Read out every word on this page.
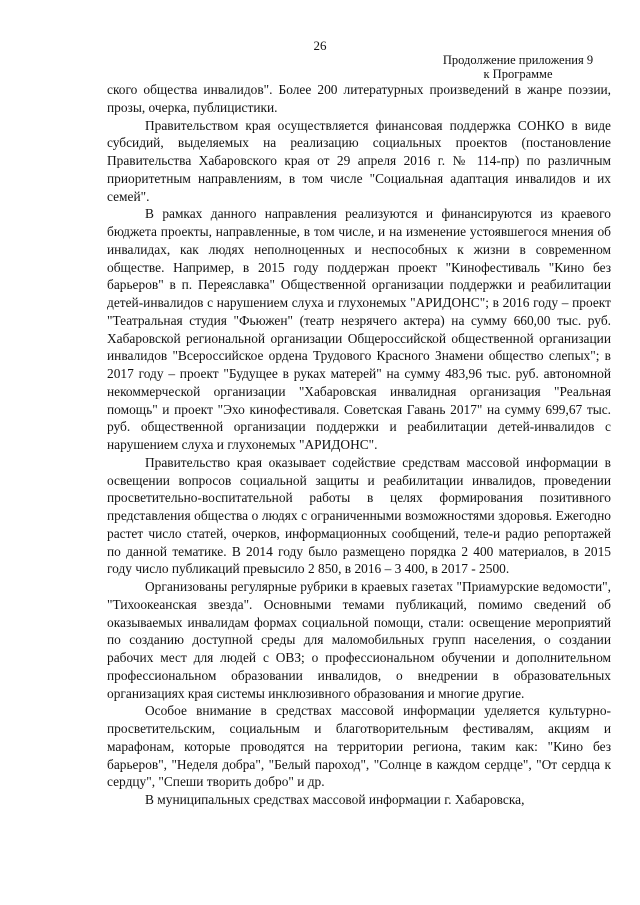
26
Продолжение приложения 9
к Программе

ского общества инвалидов". Более 200 литературных произведений в жанре поэзии, прозы, очерка, публицистики.

Правительством края осуществляется финансовая поддержка СОНКО в виде субсидий, выделяемых на реализацию социальных проектов (постановление Правительства Хабаровского края от 29 апреля 2016 г. № 114-пр) по различным приоритетным направлениям, в том числе "Социальная адаптация инвалидов и их семей".

В рамках данного направления реализуются и финансируются из краевого бюджета проекты, направленные, в том числе, и на изменение устоявшегося мнения об инвалидах, как людях неполноценных и неспособных к жизни в современном обществе. Например, в 2015 году поддержан проект "Кинофестиваль "Кино без барьеров" в п. Переяславка" Общественной организации поддержки и реабилитации детей-инвалидов с нарушением слуха и глухонемых "АРИДОНС"; в 2016 году – проект "Театральная студия "Фьюжен" (театр незрячего актера) на сумму 660,00 тыс. руб. Хабаровской региональной организации Общероссийской общественной организации инвалидов "Всероссийское ордена Трудового Красного Знамени общество слепых"; в 2017 году – проект "Будущее в руках матерей" на сумму 483,96 тыс. руб. автономной некоммерческой организации "Хабаровская инвалидная организация "Реальная помощь" и проект "Эхо кинофестиваля. Советская Гавань 2017" на сумму 699,67 тыс. руб. общественной организации поддержки и реабилитации детей-инвалидов с нарушением слуха и глухонемых "АРИДОНС".

Правительство края оказывает содействие средствам массовой информации в освещении вопросов социальной защиты и реабилитации инвалидов, проведении просветительно-воспитательной работы в целях формирования позитивного представления общества о людях с ограниченными возможностями здоровья. Ежегодно растет число статей, очерков, информационных сообщений, теле-и радио репортажей по данной тематике. В 2014 году было размещено порядка 2 400 материалов, в 2015 году число публикаций превысило 2 850, в 2016 – 3 400, в 2017 - 2500.

Организованы регулярные рубрики в краевых газетах "Приамурские ведомости", "Тихоокеанская звезда". Основными темами публикаций, помимо сведений об оказываемых инвалидам формах социальной помощи, стали: освещение мероприятий по созданию доступной среды для маломобильных групп населения, о создании рабочих мест для людей с ОВЗ; о профессиональном обучении и дополнительном профессиональном образовании инвалидов, о внедрении в образовательных организациях края системы инклюзивного образования и многие другие.

Особое внимание в средствах массовой информации уделяется культурно-просветительским, социальным и благотворительным фестивалям, акциям и марафонам, которые проводятся на территории региона, таким как: "Кино без барьеров", "Неделя добра", "Белый пароход", "Солнце в каждом сердце", "От сердца к сердцу", "Спеши творить добро" и др.

В муниципальных средствах массовой информации г. Хабаровска,
